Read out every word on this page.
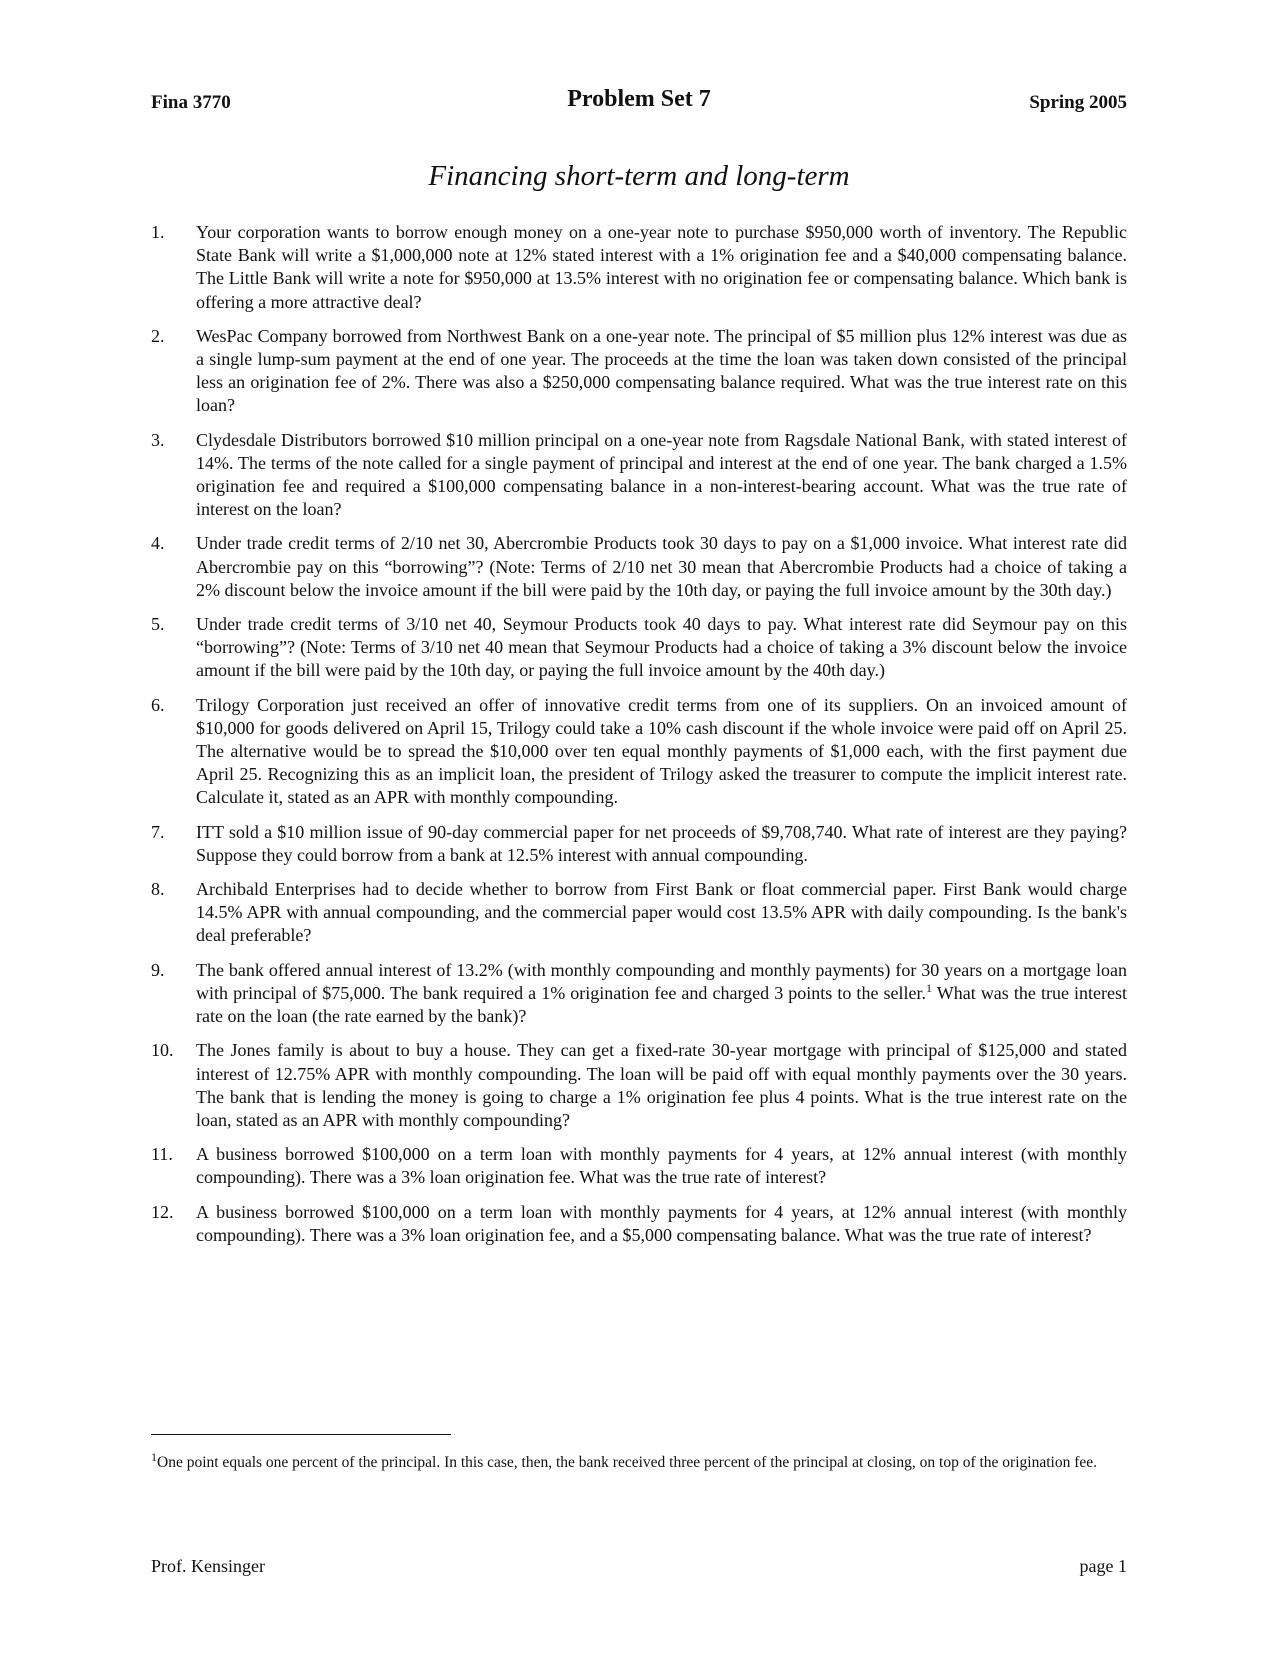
Fina 3770	Problem Set 7	Spring 2005
Financing short-term and long-term
1. Your corporation wants to borrow enough money on a one-year note to purchase $950,000 worth of inventory. The Republic State Bank will write a $1,000,000 note at 12% stated interest with a 1% origination fee and a $40,000 compensating balance. The Little Bank will write a note for $950,000 at 13.5% interest with no origination fee or compensating balance. Which bank is offering a more attractive deal?
2. WesPac Company borrowed from Northwest Bank on a one-year note. The principal of $5 million plus 12% interest was due as a single lump-sum payment at the end of one year. The proceeds at the time the loan was taken down consisted of the principal less an origination fee of 2%. There was also a $250,000 compensating balance required. What was the true interest rate on this loan?
3. Clydesdale Distributors borrowed $10 million principal on a one-year note from Ragsdale National Bank, with stated interest of 14%. The terms of the note called for a single payment of principal and interest at the end of one year. The bank charged a 1.5% origination fee and required a $100,000 compensating balance in a non-interest-bearing account. What was the true rate of interest on the loan?
4. Under trade credit terms of 2/10 net 30, Abercrombie Products took 30 days to pay on a $1,000 invoice. What interest rate did Abercrombie pay on this “borrowing”? (Note: Terms of 2/10 net 30 mean that Abercrombie Products had a choice of taking a 2% discount below the invoice amount if the bill were paid by the 10th day, or paying the full invoice amount by the 30th day.)
5. Under trade credit terms of 3/10 net 40, Seymour Products took 40 days to pay. What interest rate did Seymour pay on this “borrowing”? (Note: Terms of 3/10 net 40 mean that Seymour Products had a choice of taking a 3% discount below the invoice amount if the bill were paid by the 10th day, or paying the full invoice amount by the 40th day.)
6. Trilogy Corporation just received an offer of innovative credit terms from one of its suppliers. On an invoiced amount of $10,000 for goods delivered on April 15, Trilogy could take a 10% cash discount if the whole invoice were paid off on April 25. The alternative would be to spread the $10,000 over ten equal monthly payments of $1,000 each, with the first payment due April 25. Recognizing this as an implicit loan, the president of Trilogy asked the treasurer to compute the implicit interest rate. Calculate it, stated as an APR with monthly compounding.
7. ITT sold a $10 million issue of 90-day commercial paper for net proceeds of $9,708,740. What rate of interest are they paying? Suppose they could borrow from a bank at 12.5% interest with annual compounding.
8. Archibald Enterprises had to decide whether to borrow from First Bank or float commercial paper. First Bank would charge 14.5% APR with annual compounding, and the commercial paper would cost 13.5% APR with daily compounding. Is the bank's deal preferable?
9. The bank offered annual interest of 13.2% (with monthly compounding and monthly payments) for 30 years on a mortgage loan with principal of $75,000. The bank required a 1% origination fee and charged 3 points to the seller.$^1$ What was the true interest rate on the loan (the rate earned by the bank)?
10. The Jones family is about to buy a house. They can get a fixed-rate 30-year mortgage with principal of $125,000 and stated interest of 12.75% APR with monthly compounding. The loan will be paid off with equal monthly payments over the 30 years. The bank that is lending the money is going to charge a 1% origination fee plus 4 points. What is the true interest rate on the loan, stated as an APR with monthly compounding?
11. A business borrowed $100,000 on a term loan with monthly payments for 4 years, at 12% annual interest (with monthly compounding). There was a 3% loan origination fee. What was the true rate of interest?
12. A business borrowed $100,000 on a term loan with monthly payments for 4 years, at 12% annual interest (with monthly compounding). There was a 3% loan origination fee, and a $5,000 compensating balance. What was the true rate of interest?
$^1$One point equals one percent of the principal. In this case, then, the bank received three percent of the principal at closing, on top of the origination fee.
Prof. Kensinger	page 1
